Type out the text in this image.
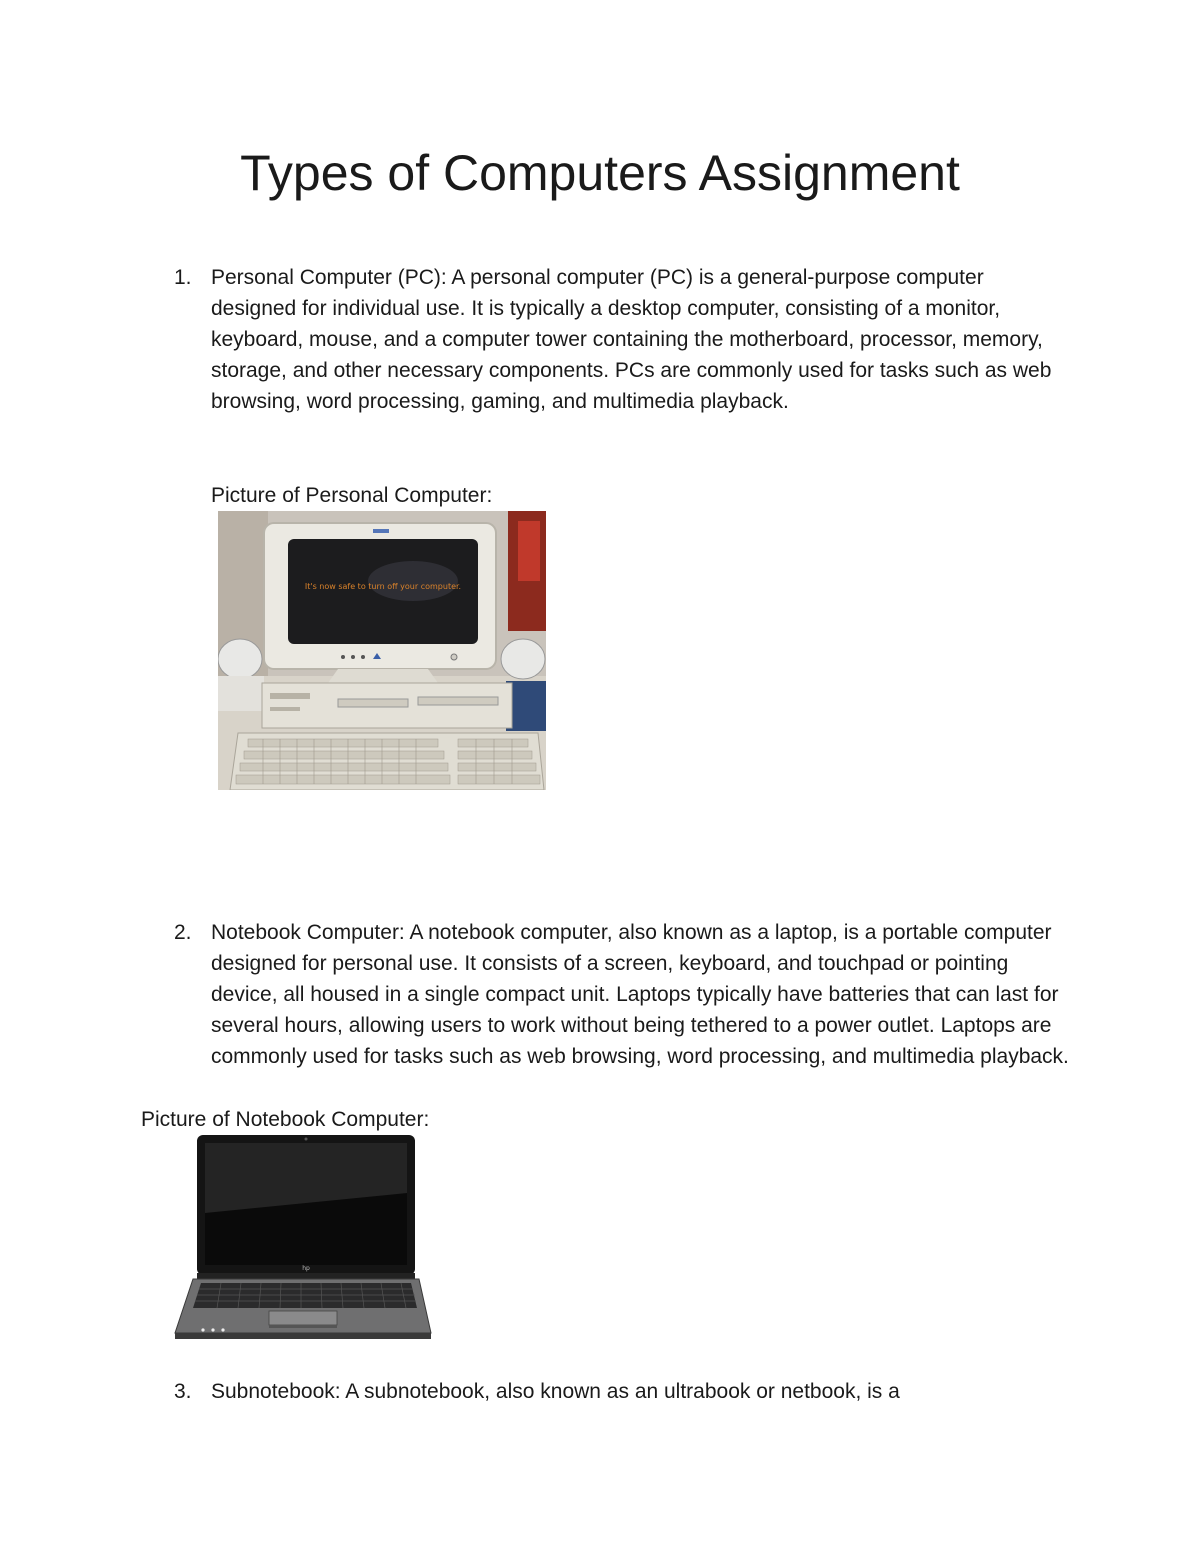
Types of Computers Assignment
1. Personal Computer (PC): A personal computer (PC) is a general-purpose computer designed for individual use. It is typically a desktop computer, consisting of a monitor, keyboard, mouse, and a computer tower containing the motherboard, processor, memory, storage, and other necessary components. PCs are commonly used for tasks such as web browsing, word processing, gaming, and multimedia playback.

Picture of Personal Computer:
It's now safe to turn off your computer.
2. Notebook Computer: A notebook computer, also known as a laptop, is a portable computer designed for personal use. It consists of a screen, keyboard, and touchpad or pointing device, all housed in a single compact unit. Laptops typically have batteries that can last for several hours, allowing users to work without being tethered to a power outlet. Laptops are commonly used for tasks such as web browsing, word processing, and multimedia playback.

Picture of Notebook Computer:
hp
3. Subnotebook: A subnotebook, also known as an ultrabook or netbook, is a
